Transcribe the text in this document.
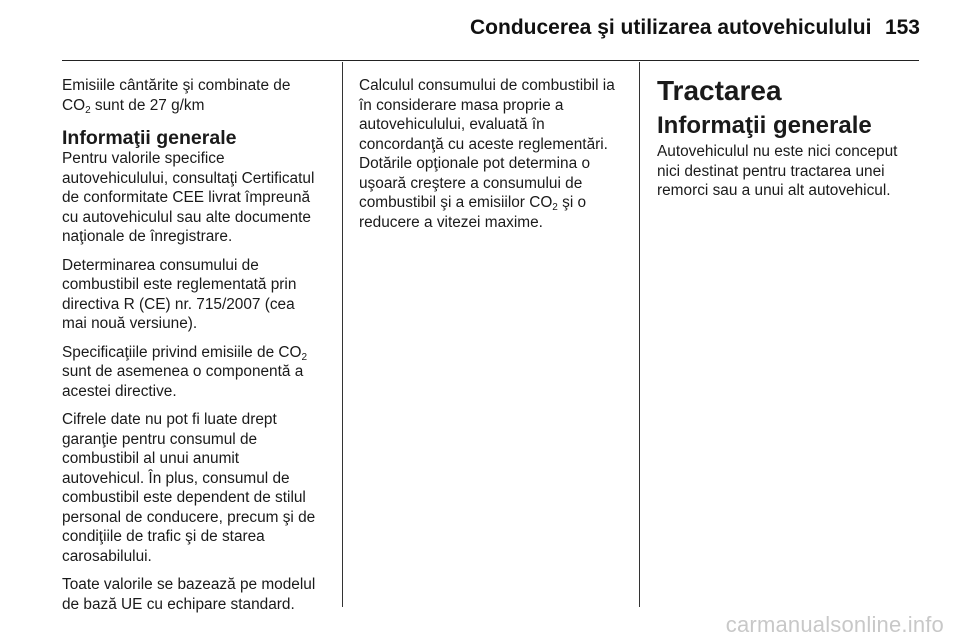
Conducerea şi utilizarea autovehiculului 153

Emisiile cântărite şi combinate de
$CO_2$ sunt de 27 g/km

Informaţii generale

Pentru valorile specifice
autovehiculului, consultaţi Certificatul
de conformitate CEE livrat împreună
cu autovehiculul sau alte documente
naţionale de înregistrare.

Determinarea consumului de
combustibil este reglementată prin
directiva R (CE) nr. 715/2007 (cea
mai nouă versiune).

Specificaţiile privind emisiile de $CO_2$
sunt de asemenea o componentă a
acestei directive.

Cifrele date nu pot fi luate drept
garanţie pentru consumul de
combustibil al unui anumit
autovehicul. În plus, consumul de
combustibil este dependent de stilul
personal de conducere, precum şi de
condiţiile de trafic şi de starea
carosabilului.

Toate valorile se bazează pe modelul
de bază UE cu echipare standard.

Calculul consumului de combustibil ia
în considerare masa proprie a
autovehiculului, evaluată în
concordanţă cu aceste reglementări.
Dotările opţionale pot determina o
uşoară creştere a consumului de
combustibil şi a emisiilor $CO_2$ şi o
reducere a vitezei maxime.

Tractarea
Informaţii generale

Autovehiculul nu este nici conceput
nici destinat pentru tractarea unei
remorci sau a unui alt autovehicul.

carmanualsonline.info
